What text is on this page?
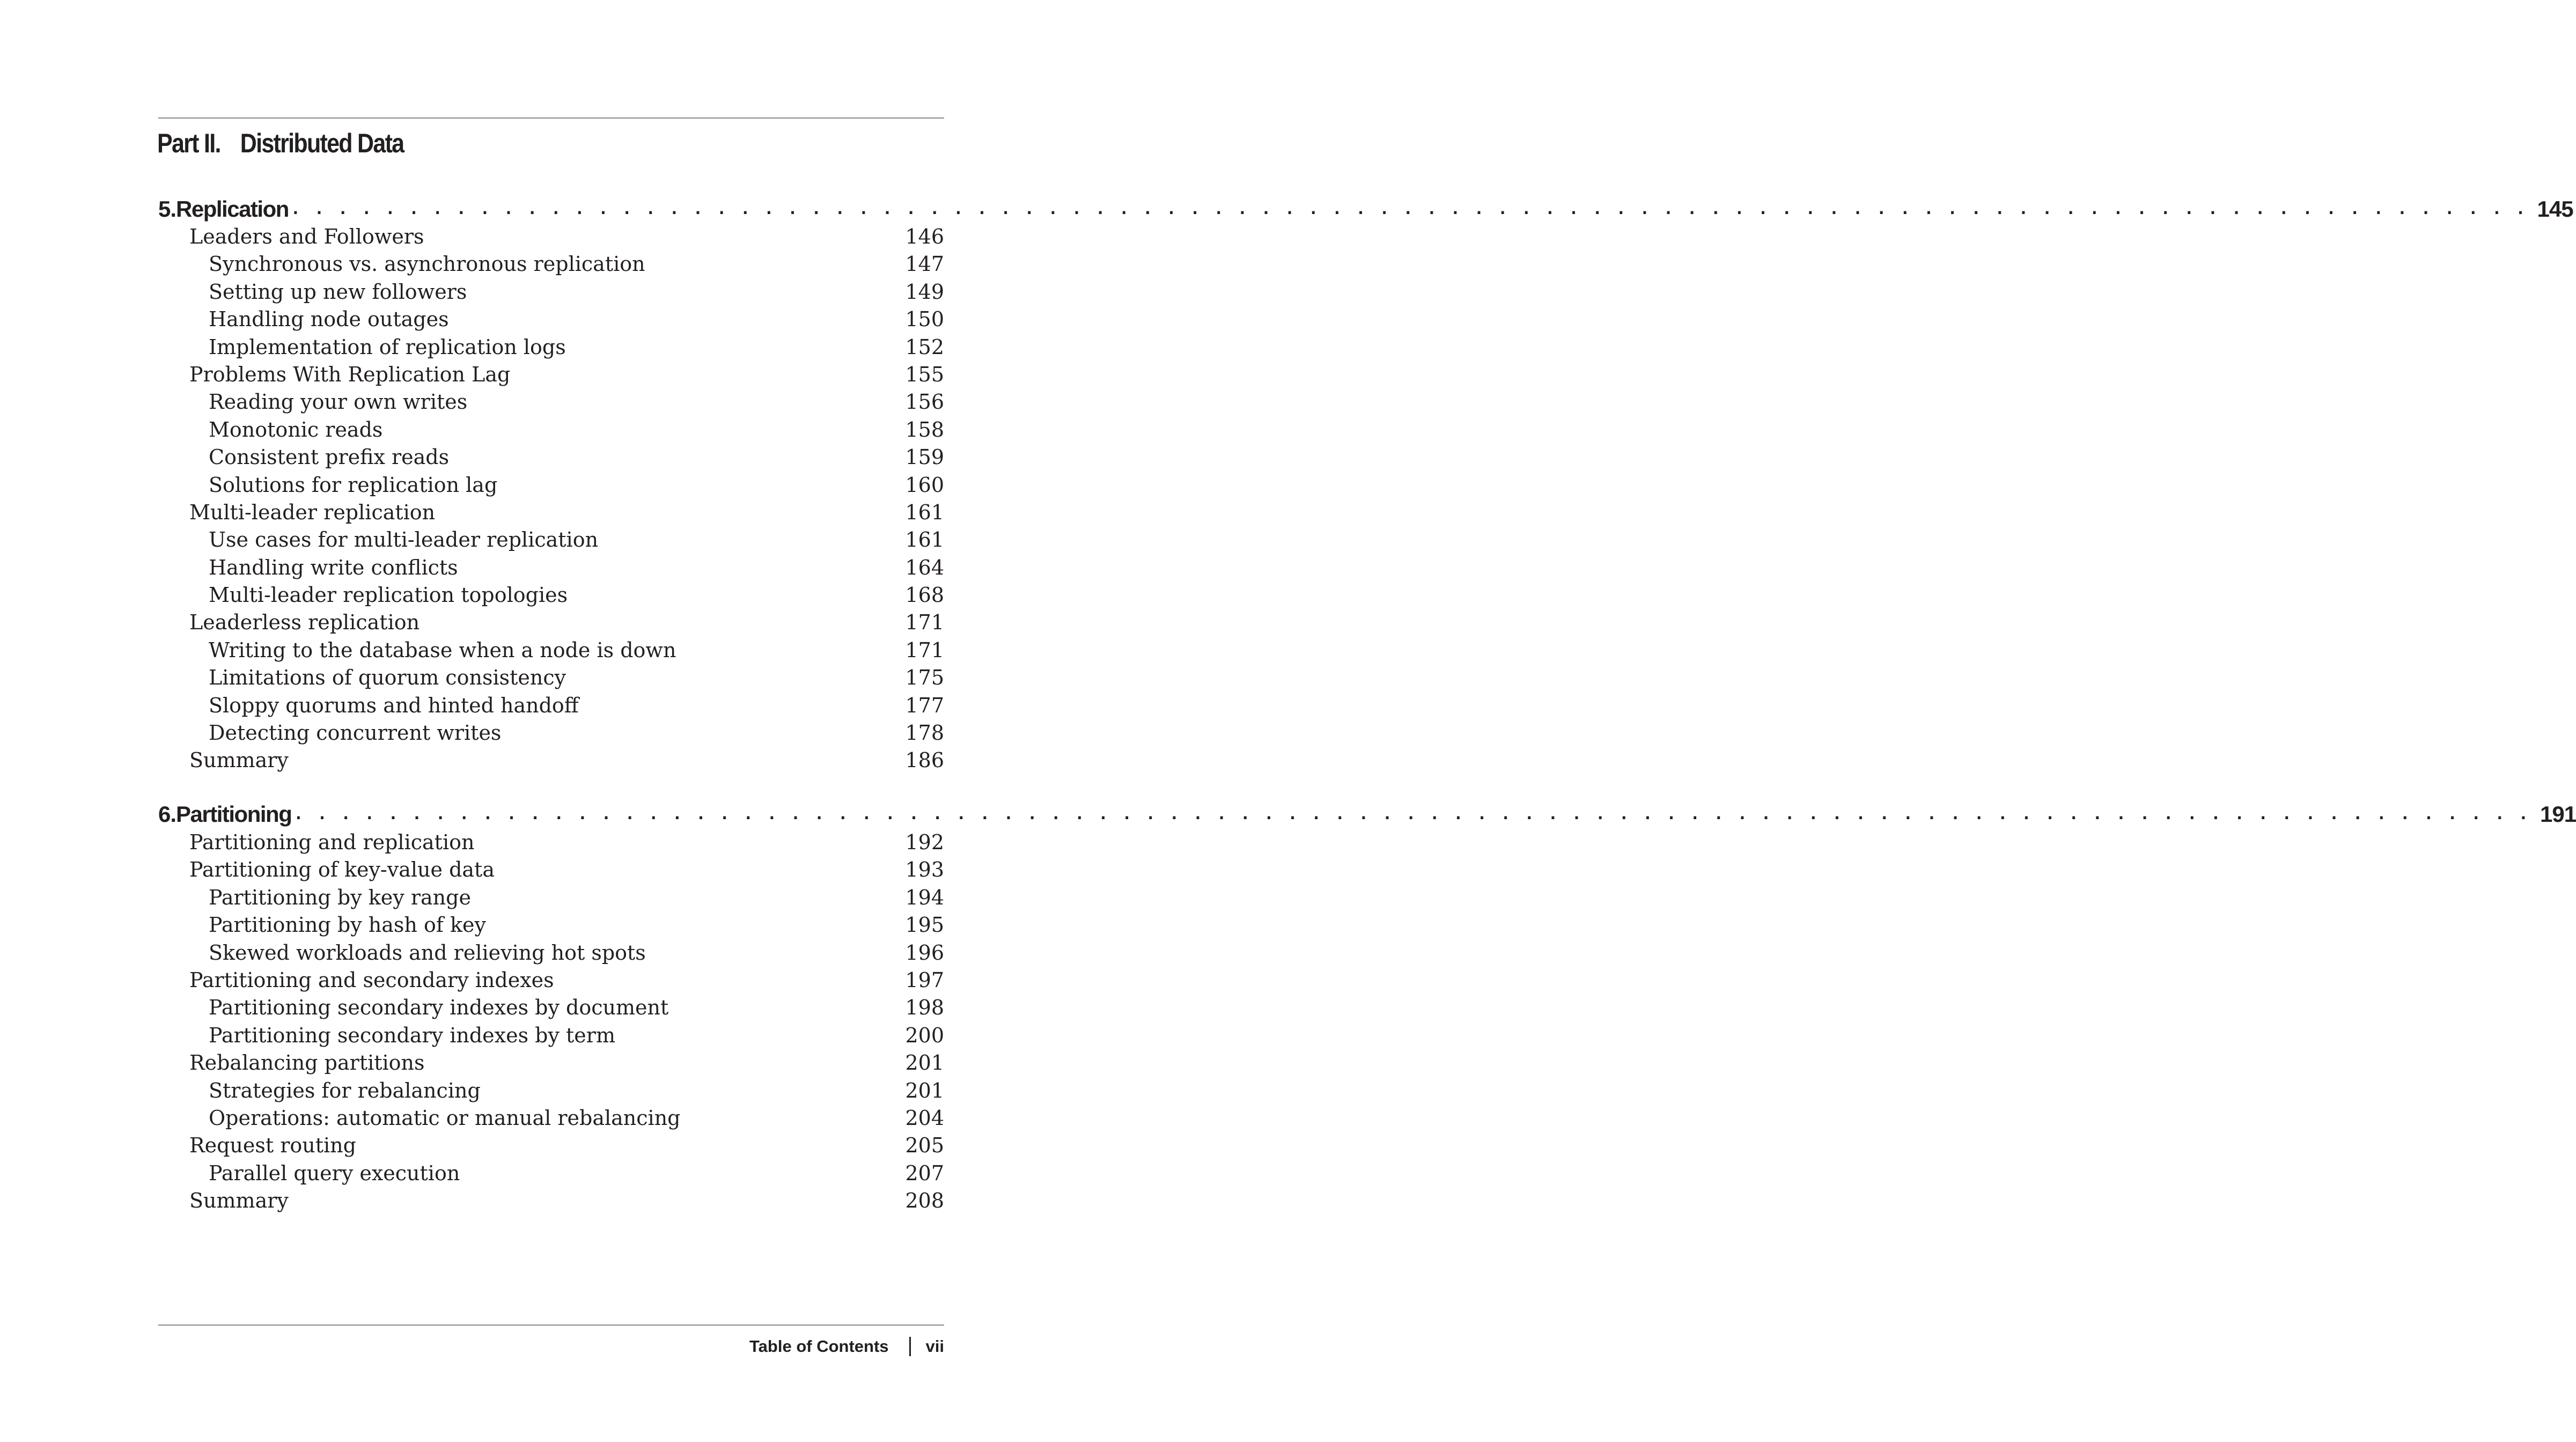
Part II. Distributed Data
5. Replication . . . . . . . . . . . . . . . . . . . . . . . . . . . . . . . . . . . . . . . . . . . . . . . . . . . . . . . . . . . . . . . . . . . . . . . . . . . . . . . . . . . . . . . . . . . . . . . 145
Leaders and Followers	146
Synchronous vs. asynchronous replication	147
Setting up new followers	149
Handling node outages	150
Implementation of replication logs	152
Problems With Replication Lag	155
Reading your own writes	156
Monotonic reads	158
Consistent prefix reads	159
Solutions for replication lag	160
Multi-leader replication	161
Use cases for multi-leader replication	161
Handling write conflicts	164
Multi-leader replication topologies	168
Leaderless replication	171
Writing to the database when a node is down	171
Limitations of quorum consistency	175
Sloppy quorums and hinted handoff	177
Detecting concurrent writes	178
Summary	186
6. Partitioning . . . . . . . . . . . . . . . . . . . . . . . . . . . . . . . . . . . . . . . . . . . . . . . . . . . . . . . . . . . . . . . . . . . . . . . . . . . . . . . . . . . . . . . . . . . . . . . 191
Partitioning and replication	192
Partitioning of key-value data	193
Partitioning by key range	194
Partitioning by hash of key	195
Skewed workloads and relieving hot spots	196
Partitioning and secondary indexes	197
Partitioning secondary indexes by document	198
Partitioning secondary indexes by term	200
Rebalancing partitions	201
Strategies for rebalancing	201
Operations: automatic or manual rebalancing	204
Request routing	205
Parallel query execution	207
Summary	208
Table of Contents vii
